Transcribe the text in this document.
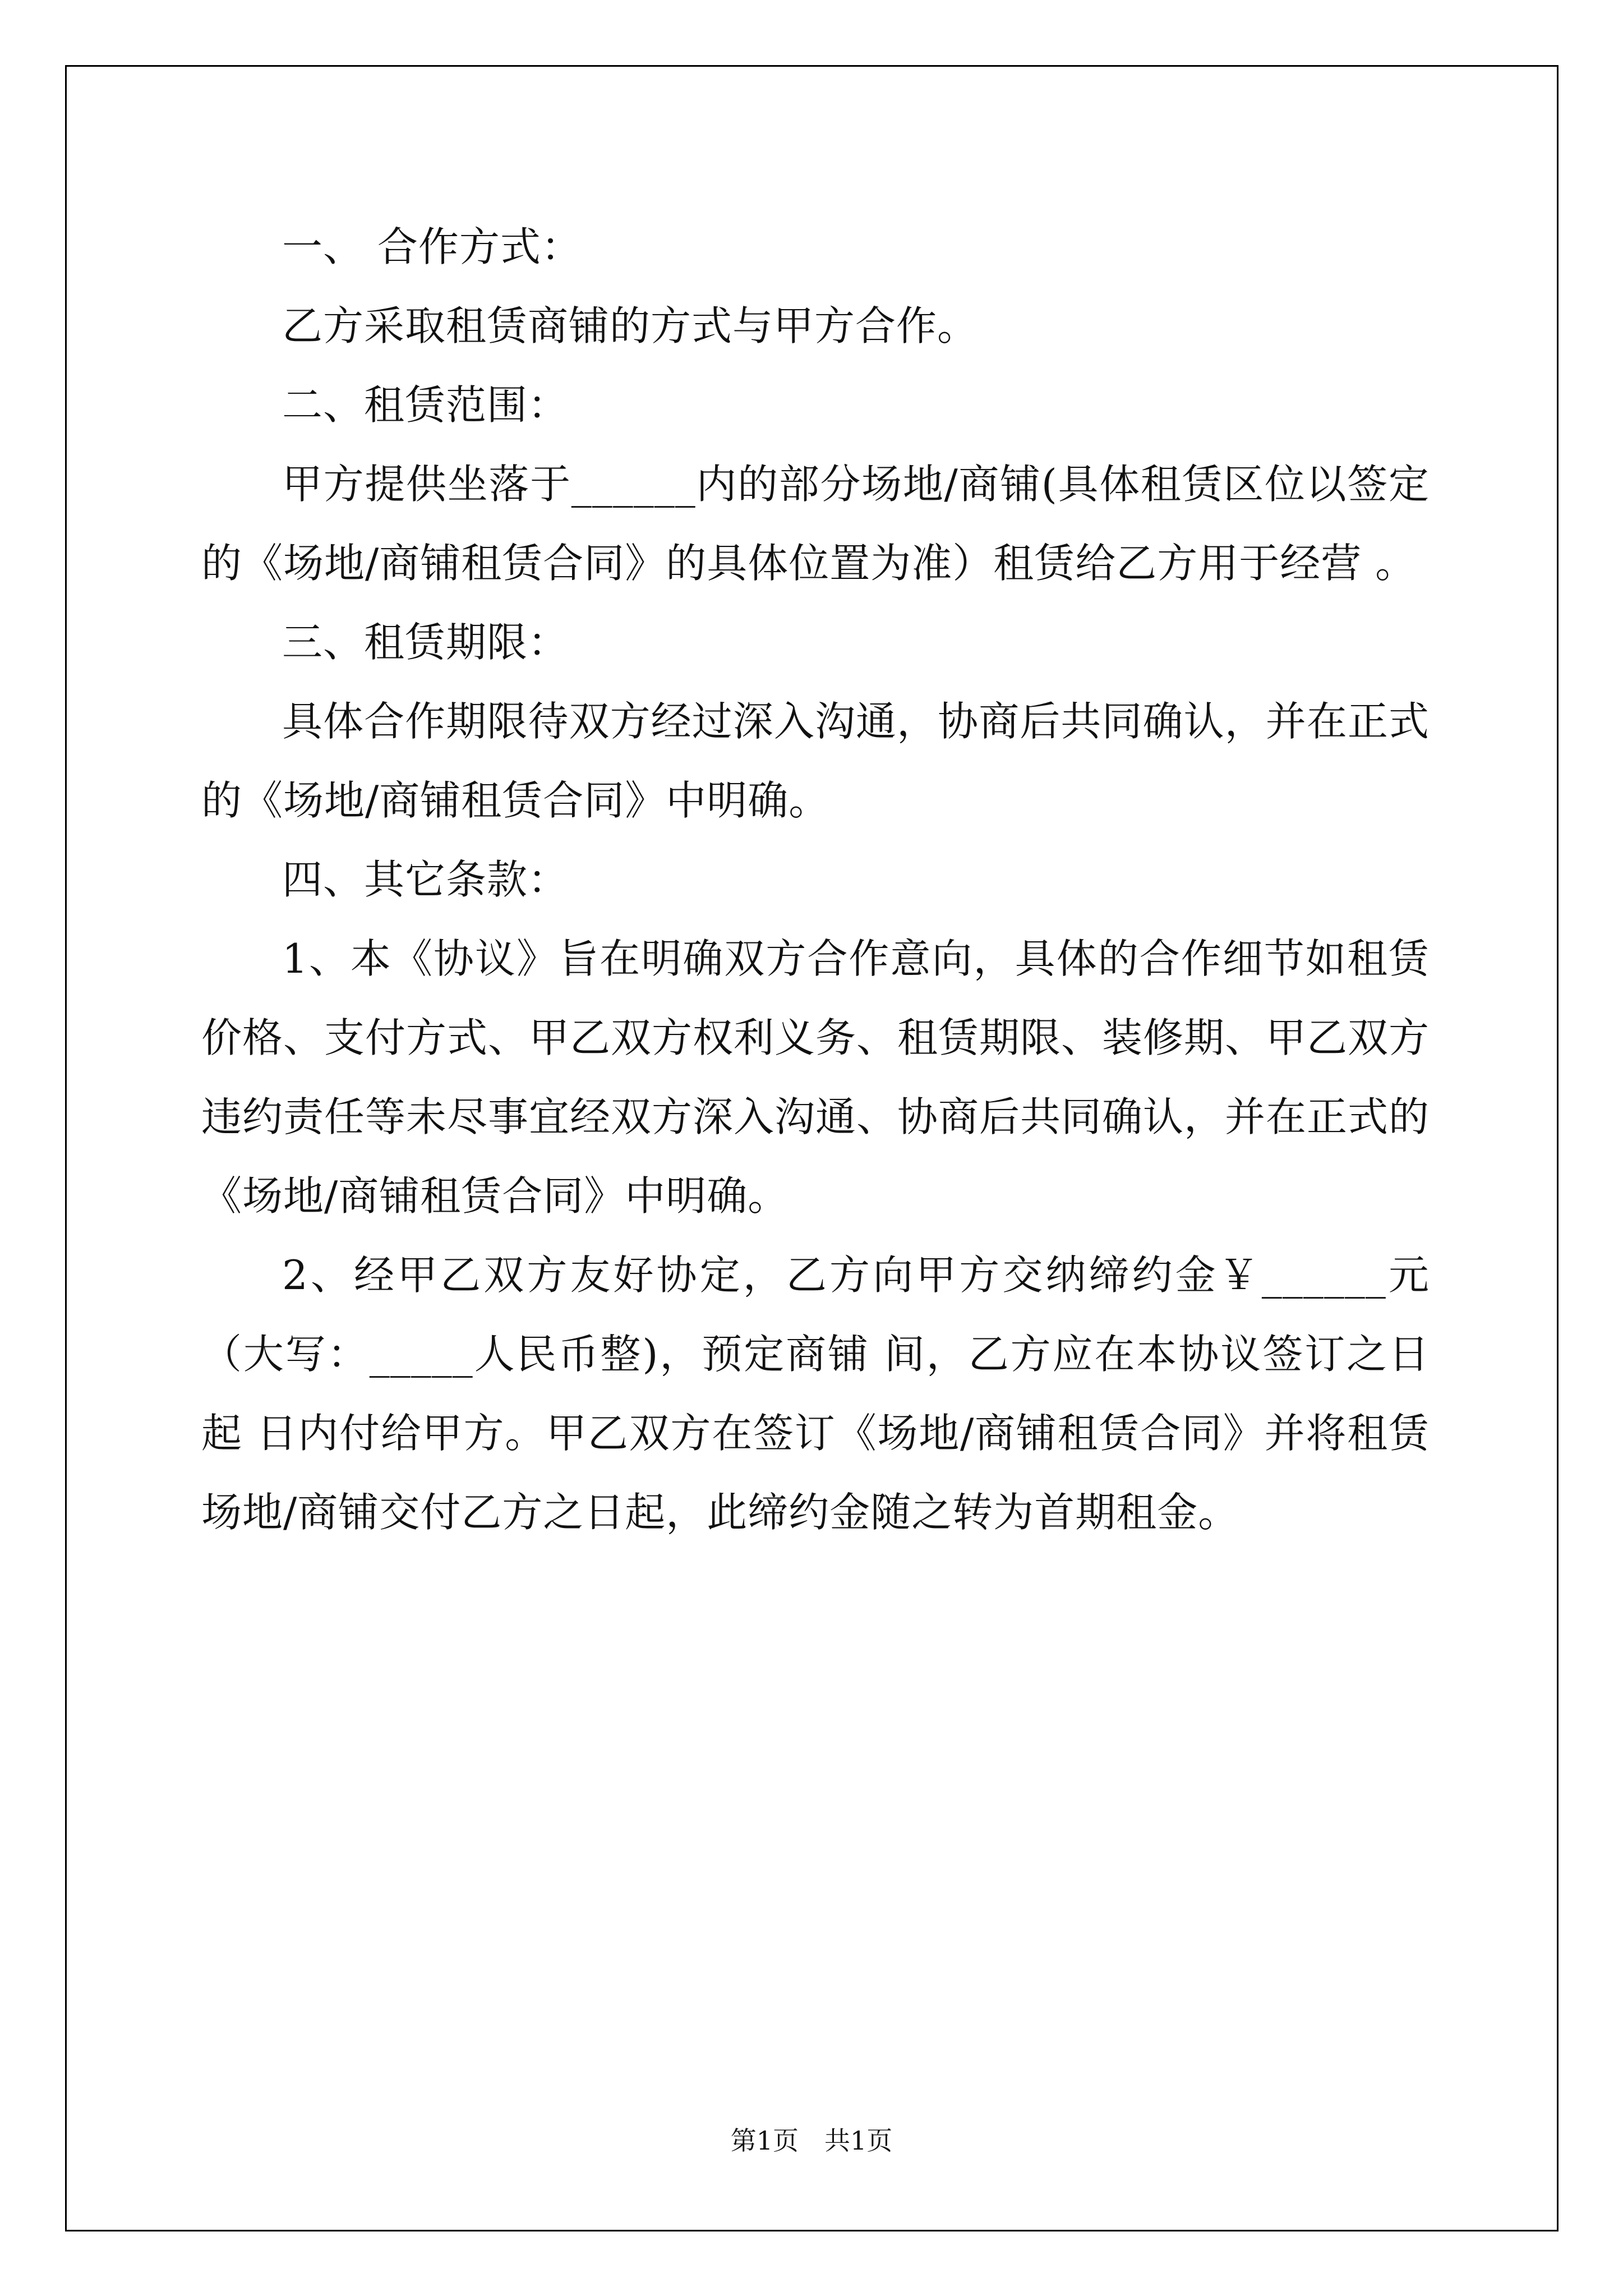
一、 合作方式：

乙方采取租赁商铺的方式与甲方合作。

二、租赁范围：

甲方提供坐落于______内的部分场地/商铺(具体租赁区位以签定的《场地/商铺租赁合同》的具体位置为准）租赁给乙方用于经营 。

三、租赁期限：

具体合作期限待双方经过深入沟通，协商后共同确认，并在正式的《场地/商铺租赁合同》中明确。

四、其它条款：

1、本《协议》旨在明确双方合作意向，具体的合作细节如租赁价格、支付方式、甲乙双方权利义务、租赁期限、装修期、甲乙双方违约责任等未尽事宜经双方深入沟通、协商后共同确认，并在正式的《场地/商铺租赁合同》中明确。

2、经甲乙双方友好协定，乙方向甲方交纳缔约金￥______元（大写：_____人民币整)，预定商铺 间，乙方应在本协议签订之日起 日内付给甲方。甲乙双方在签订《场地/商铺租赁合同》并将租赁场地/商铺交付乙方之日起，此缔约金随之转为首期租金。

第1页　共1页
